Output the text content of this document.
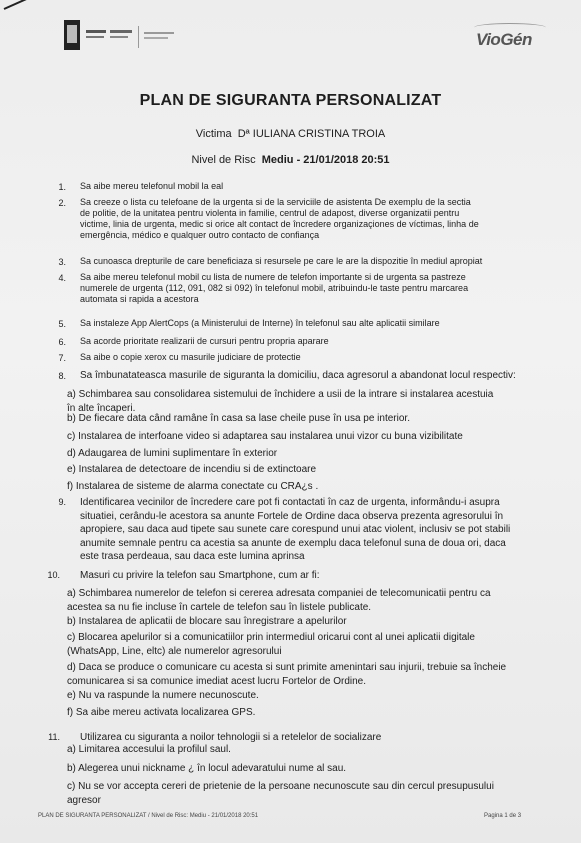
VioGén
PLAN DE SIGURANTA PERSONALIZAT
Victima Dª IULIANA CRISTINA TROIA
Nivel de Risc Mediu - 21/01/2018 20:51
1. Sa aibe mereu telefonul mobil la eal
2. Sa creeze o lista cu telefoane de la urgenta si de la serviciile de asistenta De exemplu de la sectia
de politie, de la unitatea pentru violenta in familie, centrul de adapost, diverse organizatii pentru
victime, linia de urgenta, medic si orice alt contact de încredere organizaçiones de víctimas, linha de
emergência, médico e qualquer outro contacto de confiança
3. Sa cunoasca drepturile de care beneficiaza si resursele pe care le are la dispozitie în mediul apropiat
4. Sa aibe mereu telefonul mobil cu lista de numere de telefon importante si de urgenta sa pastreze
numerele de urgenta (112, 091, 082 si 092) în telefonul mobil, atribuindu-le taste pentru marcarea
automata si rapida a acestora
5. Sa instaleze App AlertCops (a Ministerului de Interne) în telefonul sau alte aplicatii similare
6. Sa acorde prioritate realizarii de cursuri pentru propria aparare
7. Sa aibe o copie xerox cu masurile judiciare de protectie
8. Sa îmbunatateasca masurile de siguranta la domiciliu, daca agresorul a abandonat locul respectiv:
9. Identificarea vecinilor de încredere care pot fi contactati în caz de urgenta, informându-i asupra
situatiei, cerându-le acestora sa anunte Fortele de Ordine daca observa prezenta agresorului în
apropiere, sau daca aud tipete sau sunete care corespund unui atac violent, inclusiv se pot stabili
anumite semnale pentru ca acestia sa anunte de exemplu daca telefonul suna de doua ori, daca
este trasa perdeaua, sau daca este lumina aprinsa
10. Masuri cu privire la telefon sau Smartphone, cum ar fi:
11. Utilizarea cu siguranta a noilor tehnologii si a retelelor de socializare
a) Schimbarea sau consolidarea sistemului de închidere a usii de la intrare si instalarea acestuia
în alte încaperi.
b) De fiecare data când ramâne în casa sa lase cheile puse în usa pe interior.
c) Instalarea de interfoane video si adaptarea sau instalarea unui vizor cu buna vizibilitate
d) Adaugarea de lumini suplimentare în exterior
e) Instalarea de detectoare de incendiu si de extinctoare
f) Instalarea de sisteme de alarma conectate cu CRA¿s .
a) Schimbarea numerelor de telefon si cererea adresata companiei de telecomunicatii pentru ca
acestea sa nu fie incluse în cartele de telefon sau în listele publicate.
b) Instalarea de aplicatii de blocare sau înregistrare a apelurilor
c) Blocarea apelurilor si a comunicatiilor prin intermediul oricarui cont al unei aplicatii digitale
(WhatsApp, Line, eltc) ale numerelor agresorului
d) Daca se produce o comunicare cu acesta si sunt primite amenintari sau injurii, trebuie sa încheie
comunicarea si sa comunice imediat acest lucru Fortelor de Ordine.
e) Nu va raspunde la numere necunoscute.
f) Sa aibe mereu activata localizarea GPS.
a) Limitarea accesului la profilul saul.
b) Alegerea unui nickname ¿ în locul adevaratului nume al sau.
c) Nu se vor accepta cereri de prietenie de la persoane necunoscute sau din cercul presupusului
agresor
PLAN DE SIGURANTA PERSONALIZAT / Nivel de Risc: Mediu - 21/01/2018 20:51	Pagina 1 de 3
